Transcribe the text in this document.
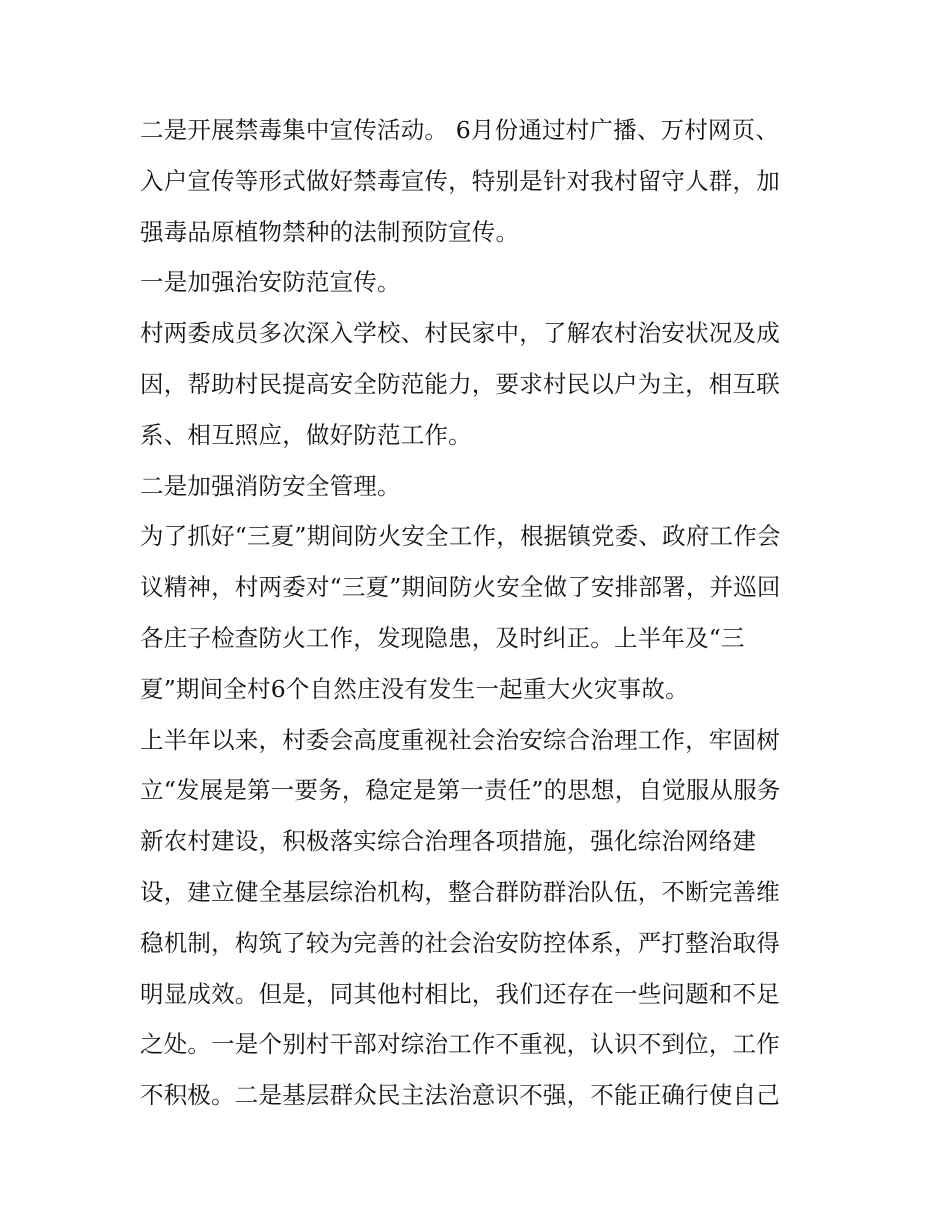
二是开展禁毒集中宣传活动。 6月份通过村广播、万村网页、
入户宣传等形式做好禁毒宣传，特别是针对我村留守人群，加
强毒品原植物禁种的法制预防宣传。
一是加强治安防范宣传。
村两委成员多次深入学校、村民家中，了解农村治安状况及成
因，帮助村民提高安全防范能力，要求村民以户为主，相互联
系、相互照应，做好防范工作。
二是加强消防安全管理。
为了抓好“三夏”期间防火安全工作，根据镇党委、政府工作会
议精神，村两委对“三夏”期间防火安全做了安排部署，并巡回
各庄子检查防火工作，发现隐患，及时纠正。上半年及“三
夏”期间全村6个自然庄没有发生一起重大火灾事故。
上半年以来，村委会高度重视社会治安综合治理工作，牢固树
立“发展是第一要务，稳定是第一责任”的思想，自觉服从服务
新农村建设，积极落实综合治理各项措施，强化综治网络建
设，建立健全基层综治机构，整合群防群治队伍，不断完善维
稳机制，构筑了较为完善的社会治安防控体系，严打整治取得
明显成效。但是，同其他村相比，我们还存在一些问题和不足
之处。一是个别村干部对综治工作不重视，认识不到位，工作
不积极。二是基层群众民主法治意识不强，不能正确行使自己
